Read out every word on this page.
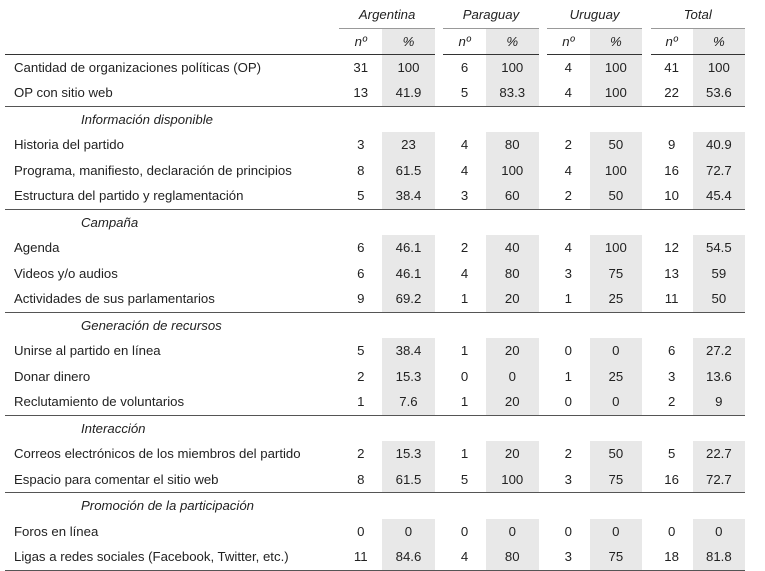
	Argentina			Paraguay			Uruguay			Total	
	nº	%		nº	%		nº	%		nº	%
Cantidad de organizaciones políticas (OP)	31	100		6	100		4	100		41	100
OP con sitio web	13	41.9		5	83.3		4	100		22	53.6
Información disponible											
Historia del partido	3	23		4	80		2	50		9	40.9
Programa, manifiesto, declaración de principios	8	61.5		4	100		4	100		16	72.7
Estructura del partido y reglamentación	5	38.4		3	60		2	50		10	45.4
Campaña											
Agenda	6	46.1		2	40		4	100		12	54.5
Videos y/o audios	6	46.1		4	80		3	75		13	59
Actividades de sus parlamentarios	9	69.2		1	20		1	25		11	50
Generación de recursos											
Unirse al partido en línea	5	38.4		1	20		0	0		6	27.2
Donar dinero	2	15.3		0	0		1	25		3	13.6
Reclutamiento de voluntarios	1	7.6		1	20		0	0		2	9
Interacción											
Correos electrónicos de los miembros del partido	2	15.3		1	20		2	50		5	22.7
Espacio para comentar el sitio web	8	61.5		5	100		3	75		16	72.7
Promoción de la participación											
Foros en línea	0	0		0	0		0	0		0	0
Ligas a redes sociales (Facebook, Twitter, etc.)	11	84.6		4	80		3	75		18	81.8
